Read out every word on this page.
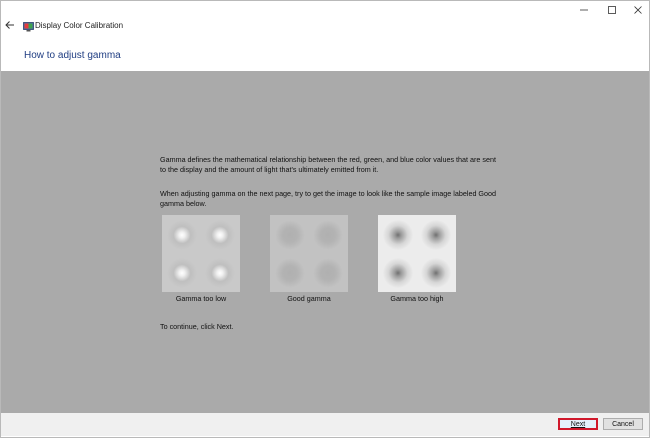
Display Color Calibration
How to adjust gamma

Gamma defines the mathematical relationship between the red, green, and blue color values that are sent to the display and the amount of light that's ultimately emitted from it.

When adjusting gamma on the next page, try to get the image to look like the sample image labeled Good gamma below.

Gamma too low	Good gamma	Gamma too high

To continue, click Next.

Next	Cancel
